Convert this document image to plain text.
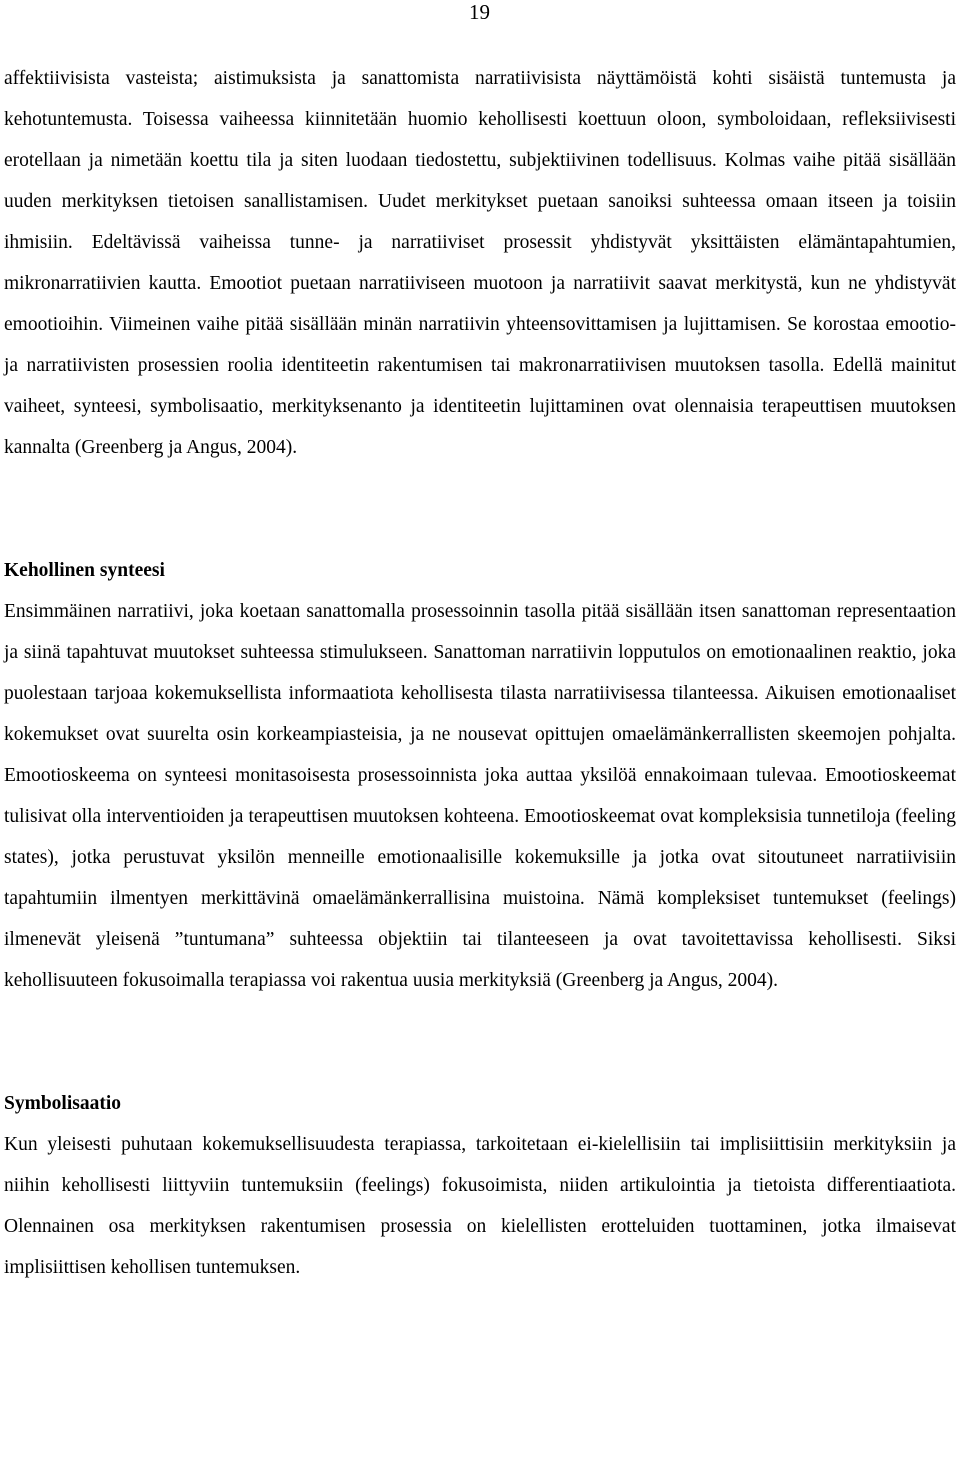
19

affektiivisista vasteista; aistimuksista ja sanattomista narratiivisista näyttämöistä kohti sisäistä tuntemusta ja kehotuntemusta. Toisessa vaiheessa kiinnitetään huomio kehollisesti koettuun oloon, symboloidaan, refleksiivisesti erotellaan ja nimetään koettu tila ja siten luodaan tiedostettu, subjektiivinen todellisuus. Kolmas vaihe pitää sisällään uuden merkityksen tietoisen sanallistamisen. Uudet merkitykset puetaan sanoiksi suhteessa omaan itseen ja toisiin ihmisiin. Edeltävissä vaiheissa tunne- ja narratiiviset prosessit yhdistyvät yksittäisten elämäntapahtumien, mikronarratiivien kautta. Emootiot puetaan narratiiviseen muotoon ja narratiivit saavat merkitystä, kun ne yhdistyvät emootioihin. Viimeinen vaihe pitää sisällään minän narratiivin yhteensovittamisen ja lujittamisen. Se korostaa emootio- ja narratiivisten prosessien roolia identiteetin rakentumisen tai makronarratiivisen muutoksen tasolla. Edellä mainitut vaiheet, synteesi, symbolisaatio, merkityksenanto ja identiteetin lujittaminen ovat olennaisia terapeuttisen muutoksen kannalta (Greenberg ja Angus, 2004).

Kehollinen synteesi

Ensimmäinen narratiivi, joka koetaan sanattomalla prosessoinnin tasolla pitää sisällään itsen sanattoman representaation ja siinä tapahtuvat muutokset suhteessa stimulukseen. Sanattoman narratiivin lopputulos on emotionaalinen reaktio, joka puolestaan tarjoaa kokemuksellista informaatiota kehollisesta tilasta narratiivisessa tilanteessa. Aikuisen emotionaaliset kokemukset ovat suurelta osin korkeampiasteisia, ja ne nousevat opittujen omaelämänkerrallisten skeemojen pohjalta. Emootioskeema on synteesi monitasoisesta prosessoinnista joka auttaa yksilöä ennakoimaan tulevaa. Emootioskeemat tulisivat olla interventioiden ja terapeuttisen muutoksen kohteena. Emootioskeemat ovat kompleksisia tunnetiloja (feeling states), jotka perustuvat yksilön menneille emotionaalisille kokemuksille ja jotka ovat sitoutuneet narratiivisiin tapahtumiin ilmentyen merkittävinä omaelämänkerrallisina muistoina. Nämä kompleksiset tuntemukset (feelings) ilmenevät yleisenä ”tuntumana” suhteessa objektiin tai tilanteeseen ja ovat tavoitettavissa kehollisesti. Siksi kehollisuuteen fokusoimalla terapiassa voi rakentua uusia merkityksiä (Greenberg ja Angus, 2004).

Symbolisaatio

Kun yleisesti puhutaan kokemuksellisuudesta terapiassa, tarkoitetaan ei-kielellisiin tai implisiittisiin merkityksiin ja niihin kehollisesti liittyviin tuntemuksiin (feelings) fokusoimista, niiden artikulointia ja tietoista differentiaatiota. Olennainen osa merkityksen rakentumisen prosessia on kielellisten erotteluiden tuottaminen, jotka ilmaisevat implisiittisen kehollisen tuntemuksen.
